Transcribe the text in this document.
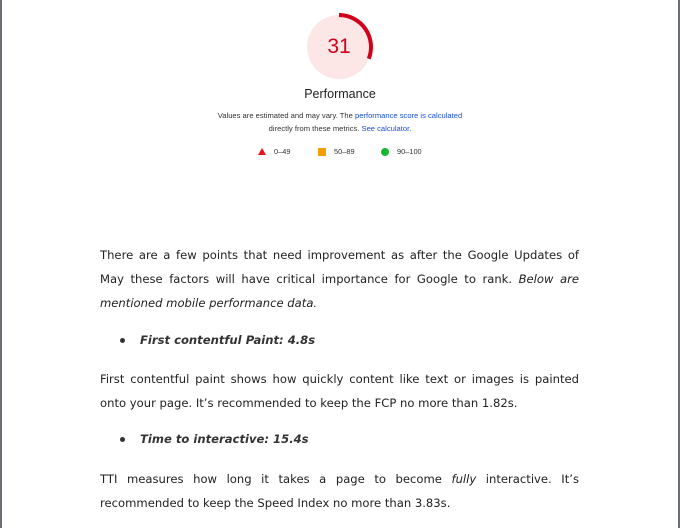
31
Performance
Values are estimated and may vary. The performance score is calculated
directly from these metrics. See calculator.
0–49	50–89	90–100

There are a few points that need improvement as after the Google Updates of May these factors will have critical importance for Google to rank. Below are mentioned mobile performance data.

First contentful Paint: 4.8s

First contentful paint shows how quickly content like text or images is painted onto your page. It’s recommended to keep the FCP no more than 1.82s.

Time to interactive: 15.4s

TTI measures how long it takes a page to become fully interactive. It’s recommended to keep the Speed Index no more than 3.83s.
